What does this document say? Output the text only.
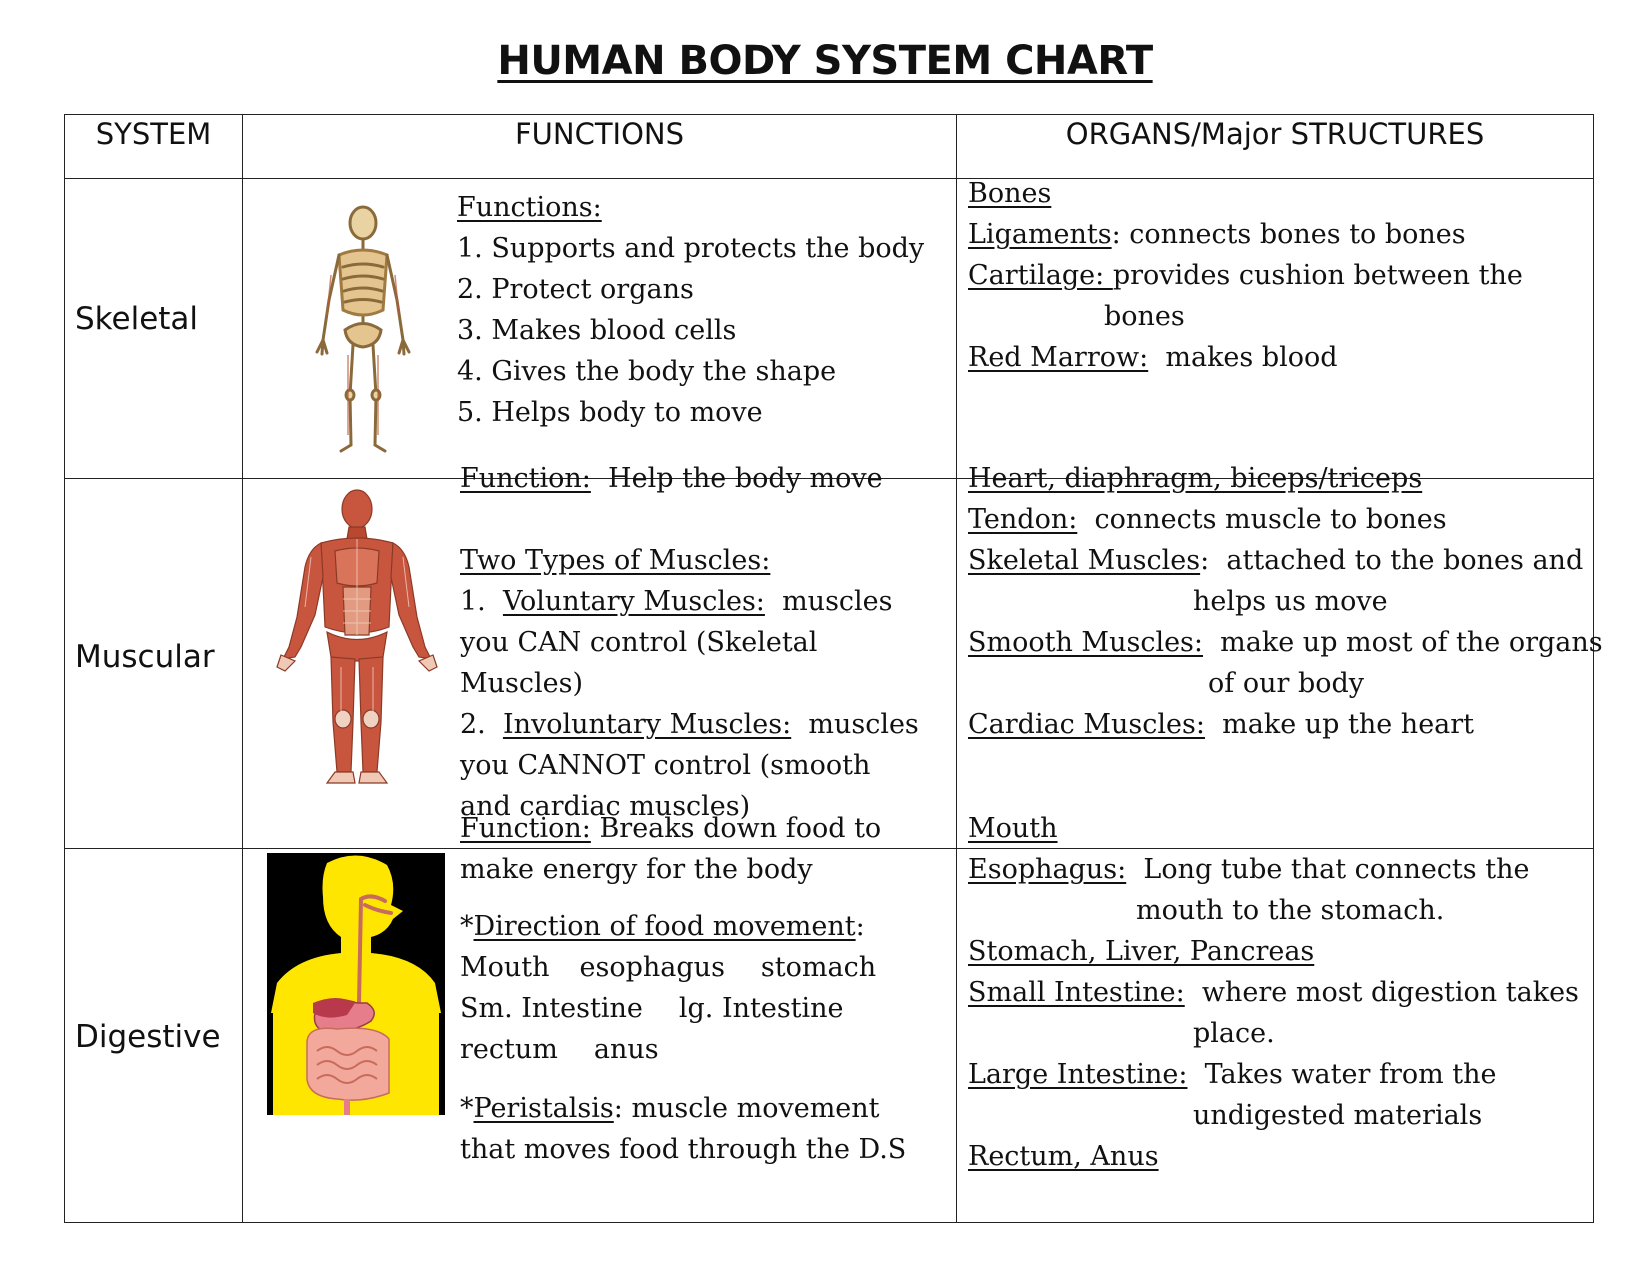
HUMAN BODY SYSTEM CHART
SYSTEM	FUNCTIONS	ORGANS/Major STRUCTURES
Skeletal
Functions:
1. Supports and protects the body
2. Protect organs
3. Makes blood cells
4. Gives the body the shape
5. Helps body to move
Bones
Ligaments: connects bones to bones
Cartilage: provides cushion between the
bones
Red Marrow:  makes blood
Muscular
Function:  Help the body move
Two Types of Muscles:
1.  Voluntary Muscles:  muscles
you CAN control (Skeletal
Muscles)
2.  Involuntary Muscles:  muscles
you CANNOT control (smooth
and cardiac muscles)
Heart, diaphragm, biceps/triceps
Tendon:  connects muscle to bones
Skeletal Muscles:  attached to the bones and
helps us move
Smooth Muscles:  make up most of the organs
of our body
Cardiac Muscles:  make up the heart
Digestive
Function: Breaks down food to
make energy for the body
*Direction of food movement:
Mouth esophagus stomach
Sm. Intestine lg. Intestine
rectum anus
*Peristalsis: muscle movement
that moves food through the D.S
Mouth
Esophagus:  Long tube that connects the
mouth to the stomach.
Stomach, Liver, Pancreas
Small Intestine:  where most digestion takes
place.
Large Intestine:  Takes water from the
undigested materials
Rectum, Anus
